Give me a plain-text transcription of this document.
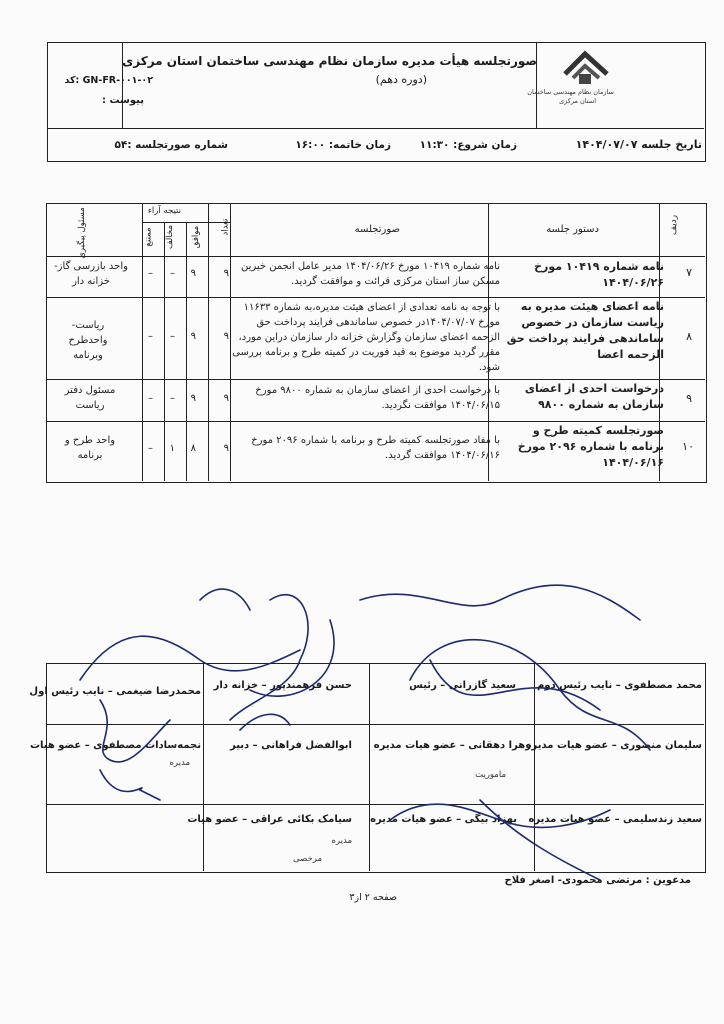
سازمان نظام مهندسی ساختمان
استان مرکزی
صورتجلسه هیأت مدیره سازمان نظام مهندسی ساختمان استان مرکزی
(دوره دهم)
کد: GN-FR-۰۰۱-۰۲
پیوست :
تاریخ جلسه ۱۴۰۴/۰۷/۰۷
زمان شروع: ۱۱:۳۰
زمان خاتمه: ۱۶:۰۰
شماره صورتجلسه :۵۴
ردیف
دستور جلسه
صورتجلسه
تعداد
نتیجه آراء
موافق
مخالف
ممتنع
مسئول پیگیری
۷
نامه شماره ۱۰۴۱۹ مورخ ۱۴۰۴/۰۶/۲۶
نامه شماره ۱۰۴۱۹ مورخ ۱۴۰۴/۰۶/۲۶ مدیر عامل انجمن خیرین مسکن ساز استان مرکزی قرائت و موافقت گردید.
۹
۹
–
–
واحد بازرسی گاز-خزانه دار
۸
نامه اعضای هیئت مدیره به ریاست سازمان در خصوص ساماندهی فرایند پرداخت حق الزحمه اعضا
با توجه به نامه تعدادی از اعضای هیئت مدیره،به شماره ۱۱۶۳۳ مورخ ۱۴۰۴/۰۷/۰۷در خصوص ساماندهی فرایند پرداخت حق الزحمه اعضای سازمان وگزارش خزانه دار سازمان دراین مورد، مقرر گردید موضوع به قید فوریت در کمیته طرح و برنامه بررسی شود.
۹
۹
–
–
ریاست-واحدطرح وبرنامه
۹
درخواست احدی از اعضای سازمان به شماره ۹۸۰۰
با درخواست احدی از اعضای سازمان به شماره ۹۸۰۰ مورخ ۱۴۰۴/۰۶/۱۵ موافقت نگردید.
۹
۹
–
–
مسئول دفتر ریاست
۱۰
صورتجلسه کمیته طرح و برنامه با شماره ۲۰۹۶ مورخ ۱۴۰۴/۰۶/۱۶
با مفاد صورتجلسه کمیته طرح و برنامه با شماره ۲۰۹۶ مورخ ۱۴۰۴/۰۶/۱۶ موافقت گردید.
۹
۸
۱
–
واحد طرح و برنامه
محمد مصطفوی – نایب رئیس دوم
سعید گازرانی – رئیس
حسن فرهمندپور – خزانه دار
محمدرضا ضیغمی – نایب رئیس اول
سلیمان منصوری – عضو هیات مدیره
زهرا دهقانی – عضو هیات مدیره
ماموریت
ابوالفضل فراهانی – دبیر
نجمه‌سادات مصطفوی – عضو هیات
مدیره
سعید زندسلیمی – عضو هیات مدیره
بهزاد بیگی – عضو هیات مدیره
سیامک بکائی عراقی – عضو هیات
مدیره
مرخصی
مدعوین : مرتضی محمودی- اصغر فلاح
صفحه ۲ از۳
